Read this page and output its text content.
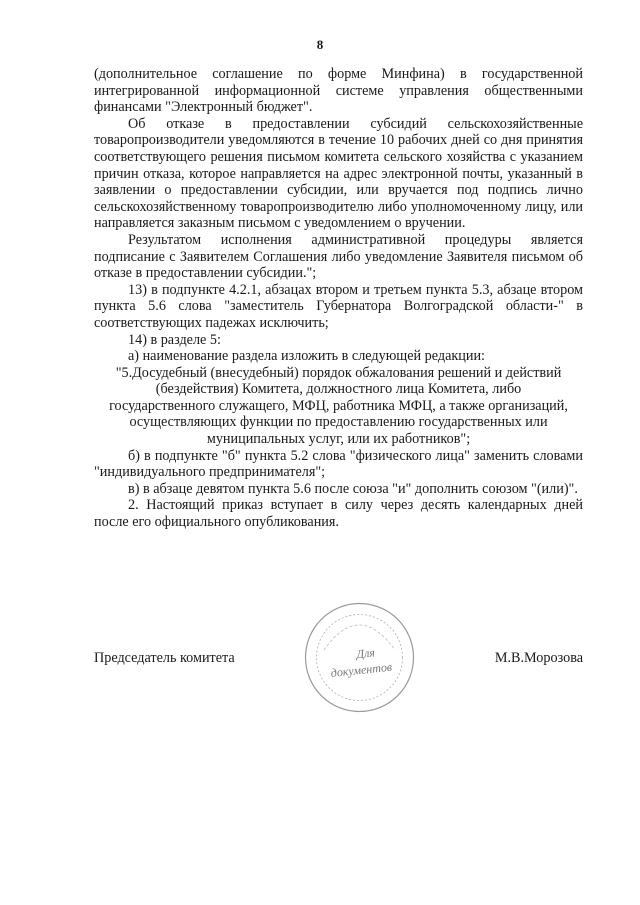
8

(дополнительное соглашение по форме Минфина) в государственной интегрированной информационной системе управления общественными финансами "Электронный бюджет".

Об отказе в предоставлении субсидий сельскохозяйственные товаропроизводители уведомляются в течение 10 рабочих дней со дня принятия соответствующего решения письмом комитета сельского хозяйства с указанием причин отказа, которое направляется на адрес электронной почты, указанный в заявлении о предоставлении субсидии, или вручается под подпись лично сельскохозяйственному товаропроизводителю либо уполномоченному лицу, или направляется заказным письмом с уведомлением о вручении.

Результатом исполнения административной процедуры является подписание с Заявителем Соглашения либо уведомление Заявителя письмом об отказе в предоставлении субсидии.";

13) в подпункте 4.2.1, абзацах втором и третьем пункта 5.3, абзаце втором пункта 5.6 слова "заместитель Губернатора Волгоградской области-" в соответствующих падежах исключить;

14) в разделе 5:

а) наименование раздела изложить в следующей редакции:

"5.Досудебный (внесудебный) порядок обжалования решений и действий (бездействия) Комитета, должностного лица Комитета, либо государственного служащего, МФЦ, работника МФЦ, а также организаций, осуществляющих функции по предоставлению государственных или муниципальных услуг, или их работников";

б) в подпункте "б" пункта 5.2 слова "физического лица" заменить словами "индивидуального предпринимателя";

в) в абзаце девятом пункта 5.6 после союза "и" дополнить союзом "(или)".

2. Настоящий приказ вступает в силу через десять календарных дней после его официального опубликования.

Председатель комитета	Для
документов
М.В.Морозова
